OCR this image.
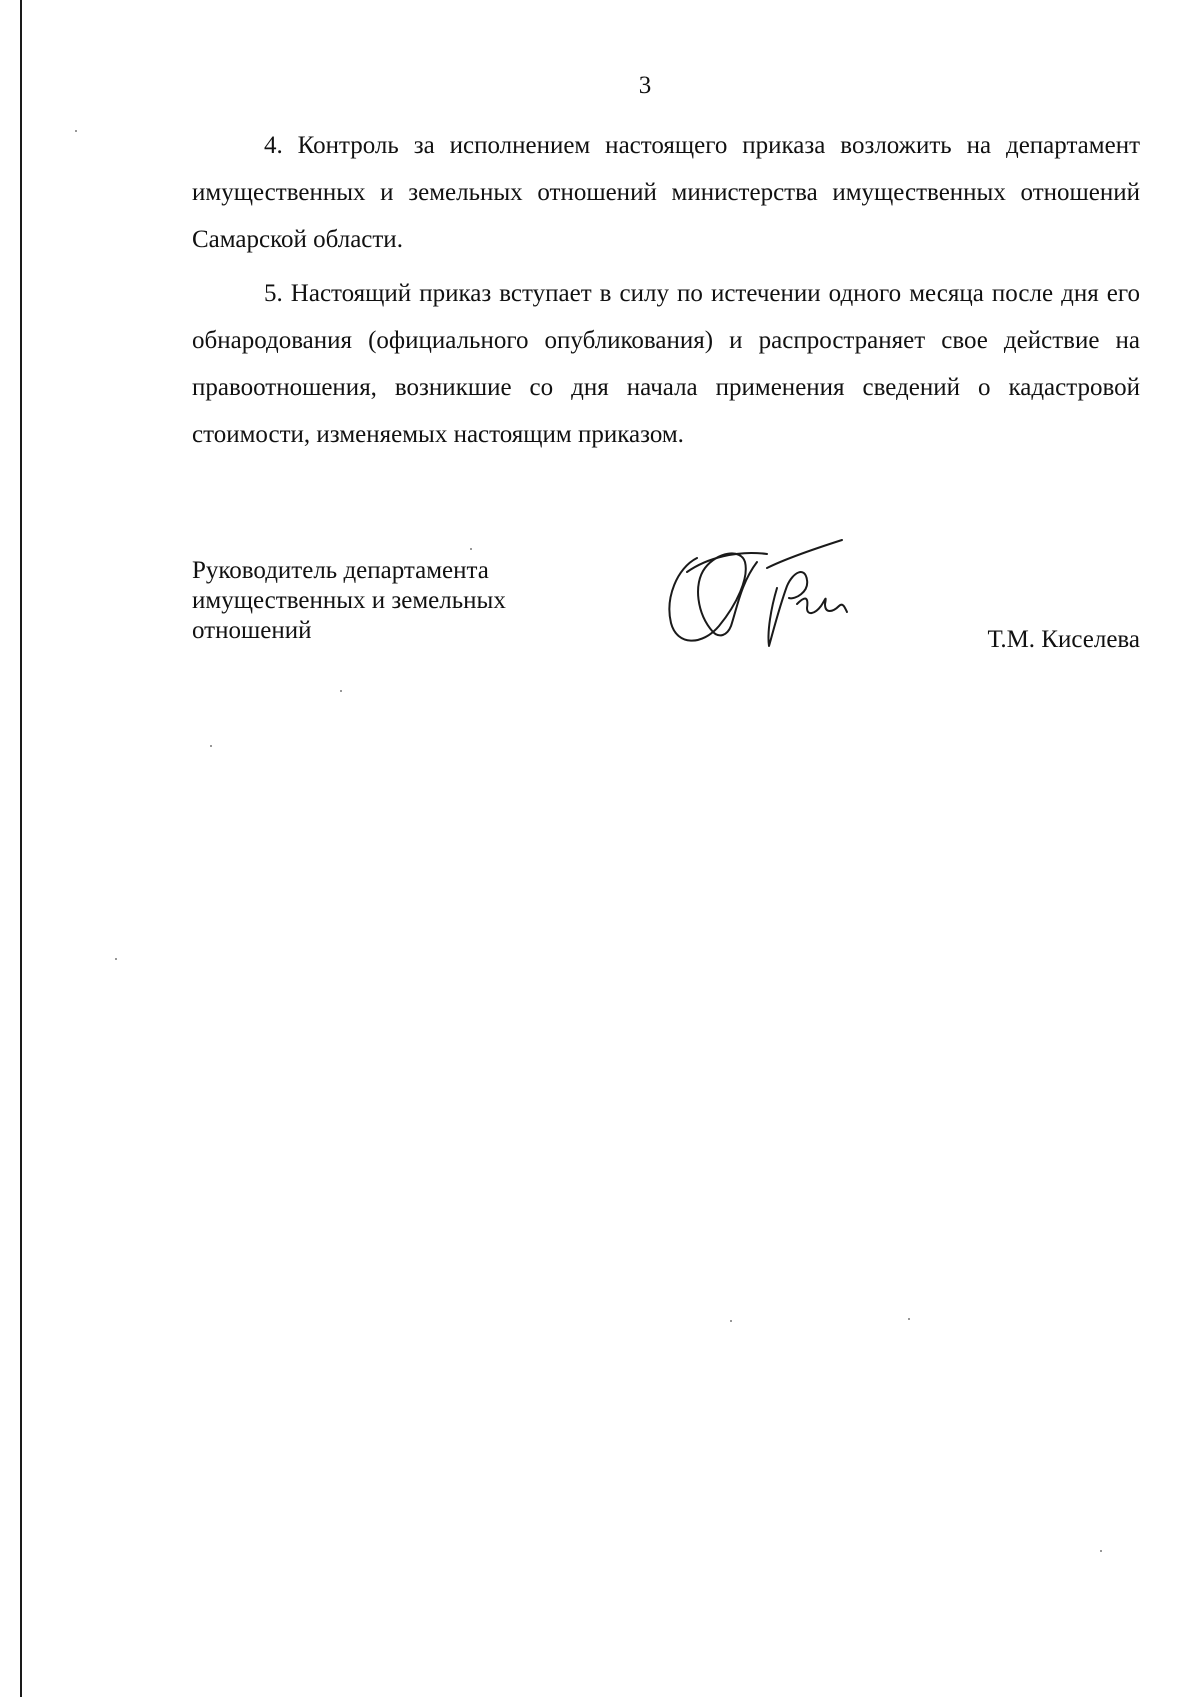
3

4. Контроль за исполнением настоящего приказа возложить на департамент имущественных и земельных отношений министерства имущественных отношений Самарской области.

5. Настоящий приказ вступает в силу по истечении одного месяца после дня его обнародования (официального опубликования) и распространяет свое действие на правоотношения, возникшие со дня начала применения сведений о кадастровой стоимости, изменяемых настоящим приказом.

Руководитель департамента
имущественных и земельных
отношений	Т.М. Киселева
